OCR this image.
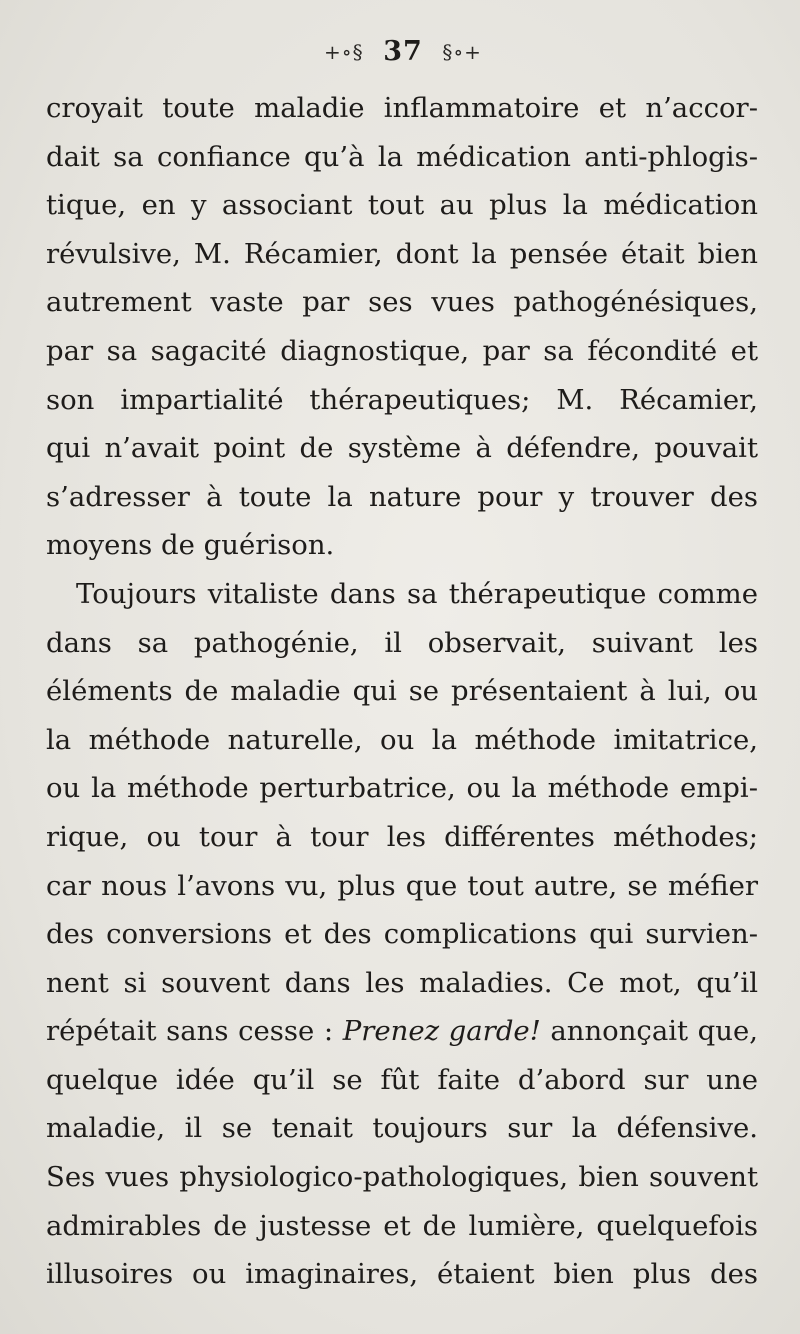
+∘§ 37 §∘+
croyait toute maladie inflammatoire et n’accor-
dait sa confiance qu’à la médication anti-phlogis-
tique, en y associant tout au plus la médication
révulsive, M. Récamier, dont la pensée était bien
autrement vaste par ses vues pathogénésiques,
par sa sagacité diagnostique, par sa fécondité et
son impartialité thérapeutiques; M. Récamier,
qui n’avait point de système à défendre, pouvait
s’adresser à toute la nature pour y trouver des
moyens de guérison.
Toujours vitaliste dans sa thérapeutique comme
dans sa pathogénie, il observait, suivant les
éléments de maladie qui se présentaient à lui, ou
la méthode naturelle, ou la méthode imitatrice,
ou la méthode perturbatrice, ou la méthode empi-
rique, ou tour à tour les différentes méthodes;
car nous l’avons vu, plus que tout autre, se méfier
des conversions et des complications qui survien-
nent si souvent dans les maladies. Ce mot, qu’il
répétait sans cesse : Prenez garde! annonçait que,
quelque idée qu’il se fût faite d’abord sur une
maladie, il se tenait toujours sur la défensive.
Ses vues physiologico-pathologiques, bien souvent
admirables de justesse et de lumière, quelquefois
illusoires ou imaginaires, étaient bien plus des
